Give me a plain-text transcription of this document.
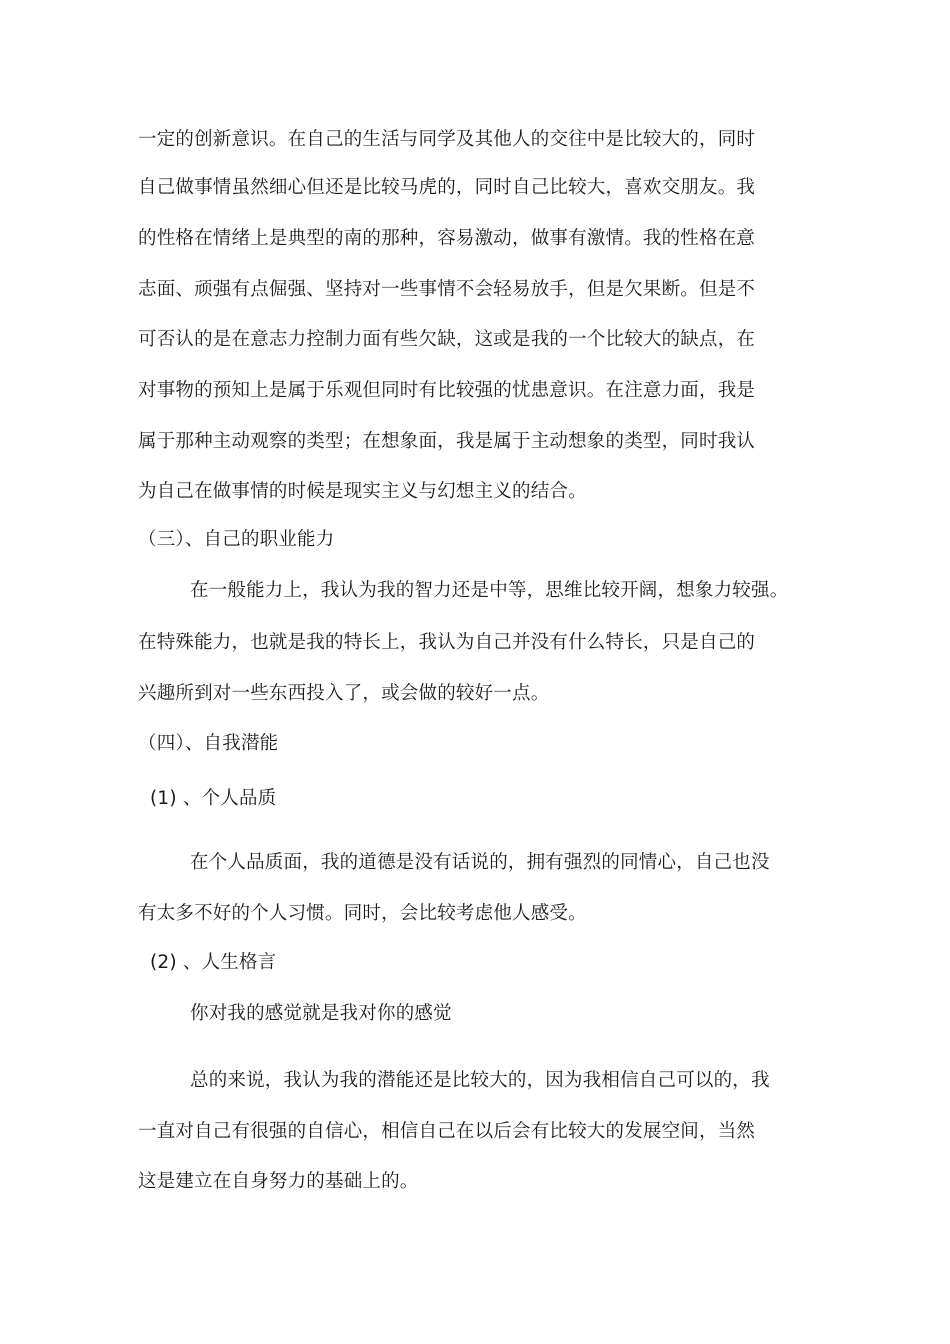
一定的创新意识。在自己的生活与同学及其他人的交往中是比较大的，同时
自己做事情虽然细心但还是比较马虎的，同时自己比较大，喜欢交朋友。我
的性格在情绪上是典型的南的那种，容易激动，做事有激情。我的性格在意
志面、顽强有点倔强、坚持对一些事情不会轻易放手，但是欠果断。但是不
可否认的是在意志力控制力面有些欠缺，这或是我的一个比较大的缺点，在
对事物的预知上是属于乐观但同时有比较强的忧患意识。在注意力面，我是
属于那种主动观察的类型；在想象面，我是属于主动想象的类型，同时我认
为自己在做事情的时候是现实主义与幻想主义的结合。
（三）、自己的职业能力
在一般能力上，我认为我的智力还是中等，思维比较开阔，想象力较强。
在特殊能力，也就是我的特长上，我认为自己并没有什么特长，只是自己的
兴趣所到对一些东西投入了，或会做的较好一点。
（四）、自我潜能
(1) 、个人品质
在个人品质面，我的道德是没有话说的，拥有强烈的同情心，自己也没
有太多不好的个人习惯。同时，会比较考虑他人感受。
(2) 、人生格言
你对我的感觉就是我对你的感觉
总的来说，我认为我的潜能还是比较大的，因为我相信自己可以的，我
一直对自己有很强的自信心，相信自己在以后会有比较大的发展空间，当然
这是建立在自身努力的基础上的。
